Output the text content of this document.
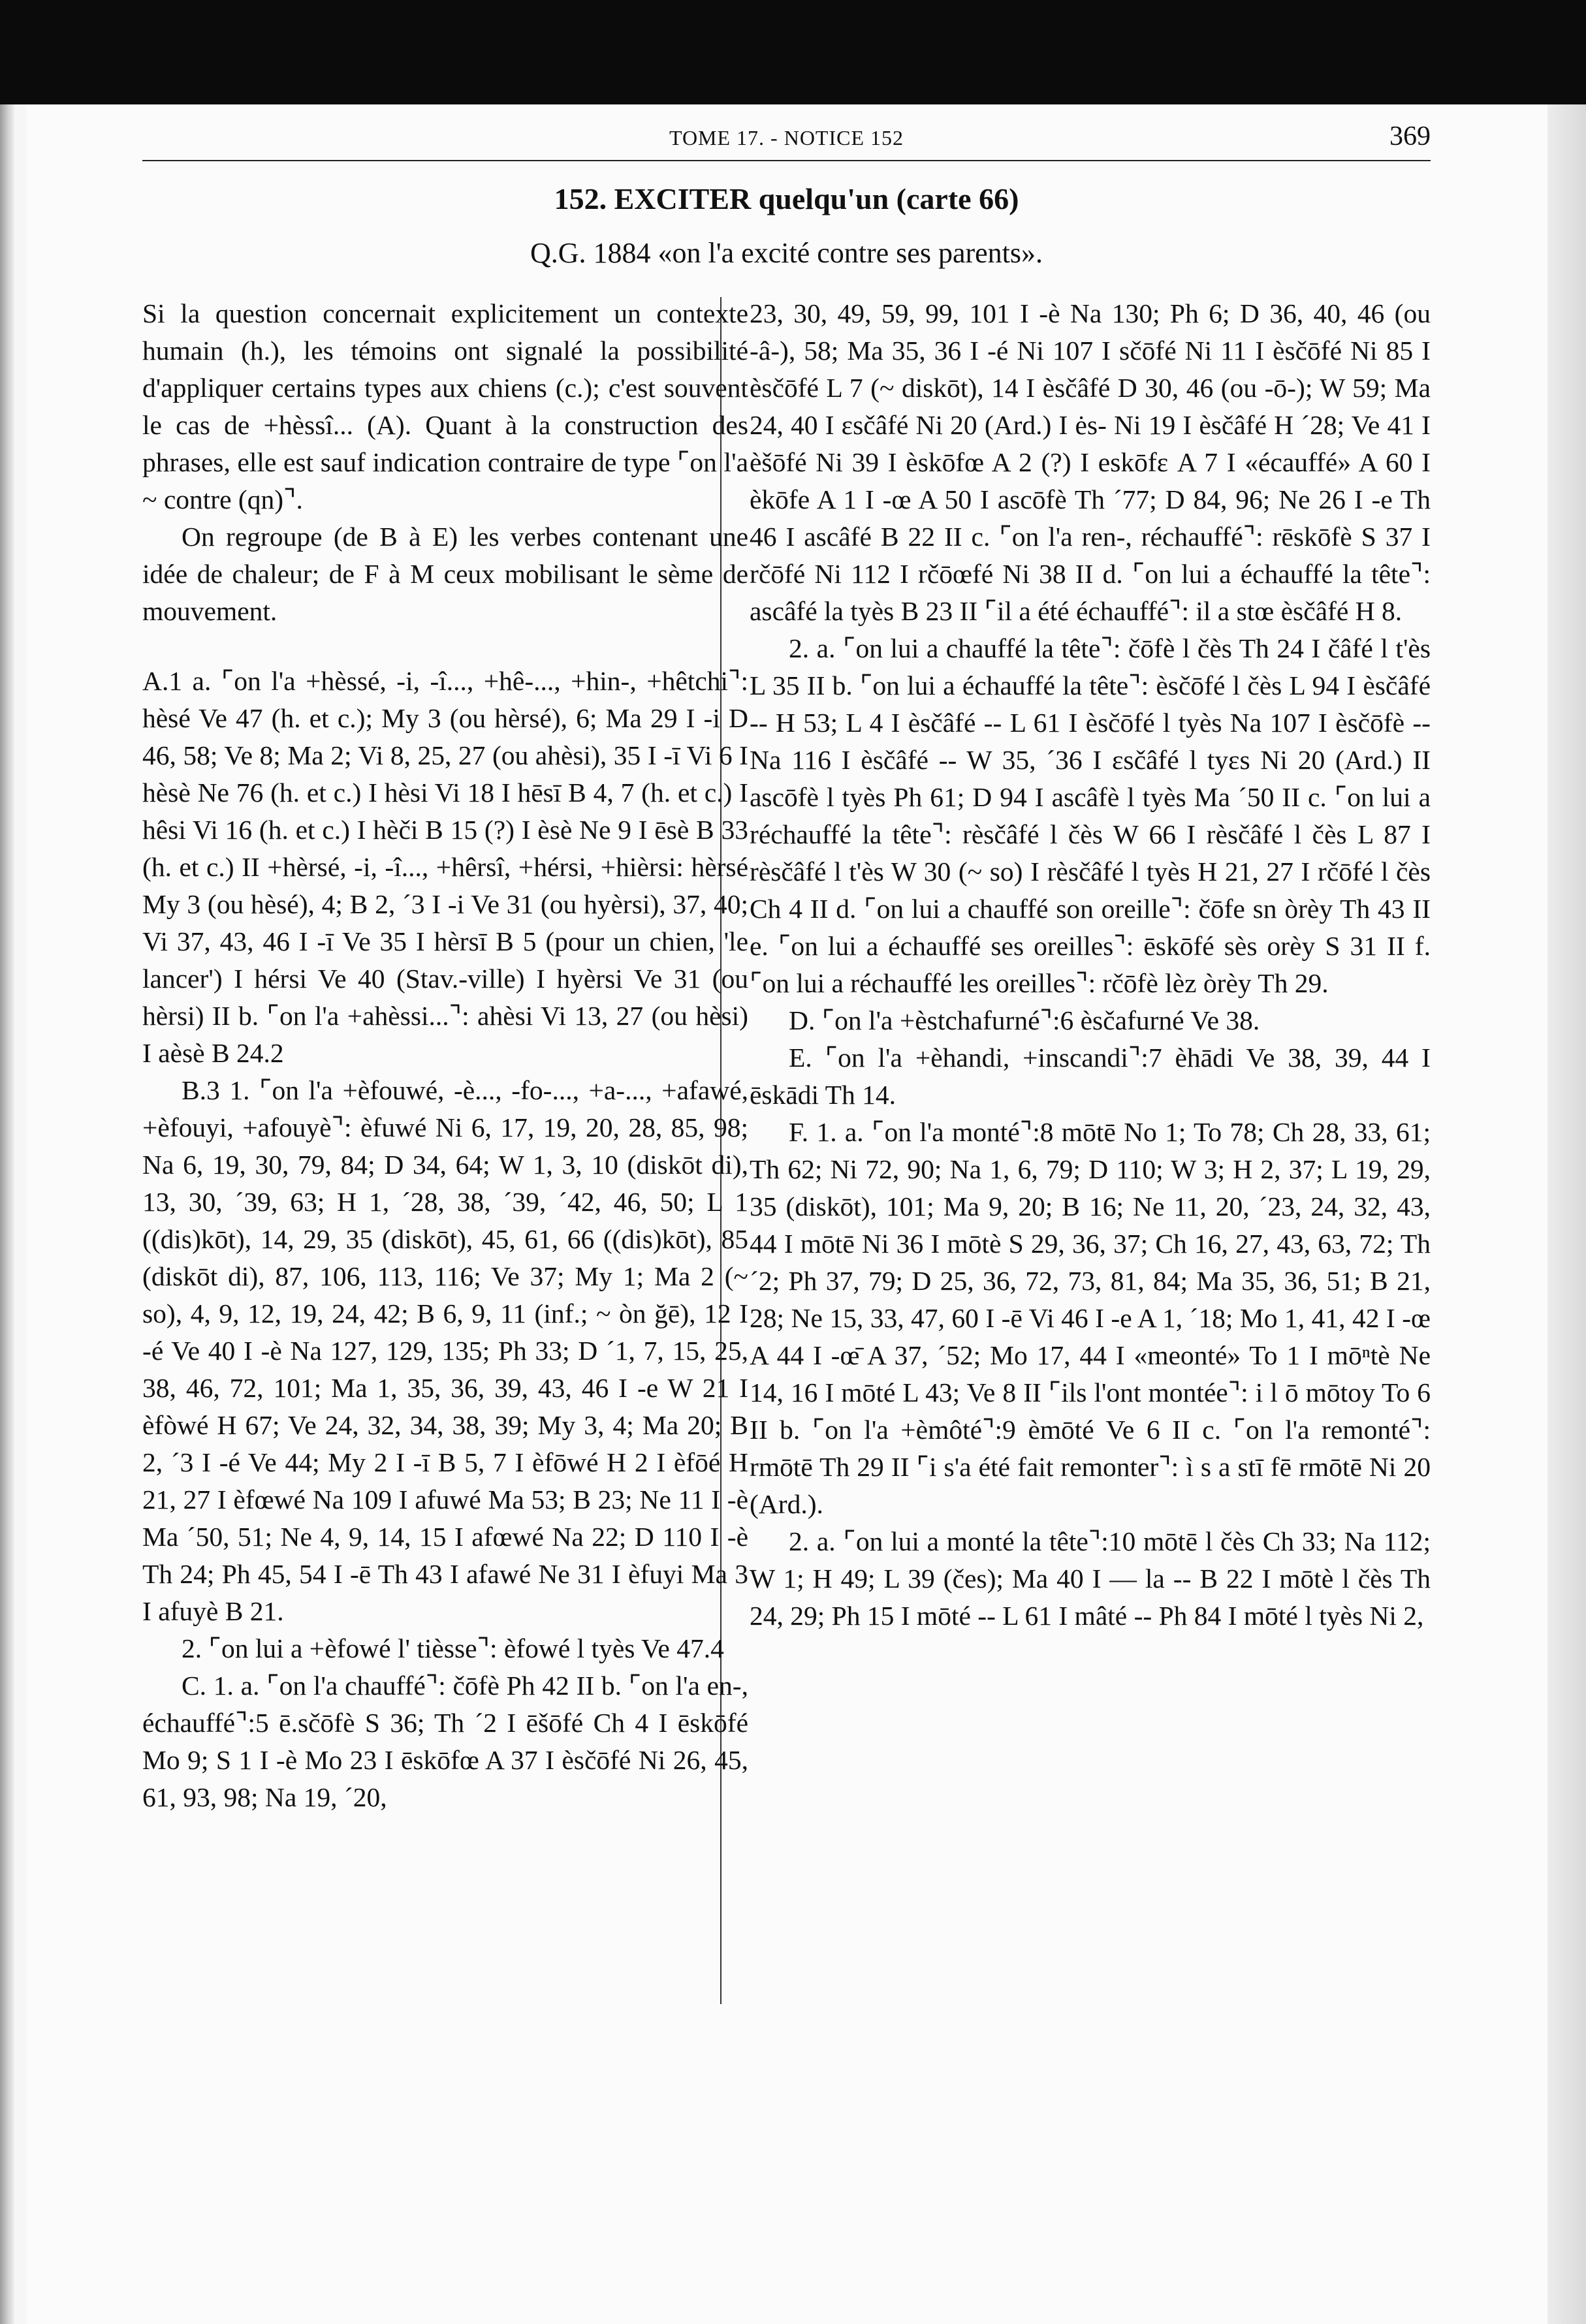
TOME 17. - NOTICE 152	369
152. EXCITER quelqu'un (carte 66)
Q.G. 1884 «on l'a excité contre ses parents».

Si la question concernait explicitement un contexte humain (h.), les témoins ont signalé la possibilité d'appliquer certains types aux chiens (c.); c'est souvent le cas de +hèssî... (A). Quant à la construction des phrases, elle est sauf indication contraire de type ⌜on l'a ~ contre (qn)⌝.

On regroupe (de B à E) les verbes contenant une idée de chaleur; de F à M ceux mobilisant le sème de mouvement.

A.1 a. ⌜on l'a +hèssé, -i, -î..., +hê-..., +hin-, +hêtchi⌝: hèsé Ve 47 (h. et c.); My 3 (ou hèrsé), 6; Ma 29 I -i D 46, 58; Ve 8; Ma 2; Vi 8, 25, 27 (ou ahèsi), 35 I -ī Vi 6 I hèsè Ne 76 (h. et c.) I hèsi Vi 18 I hēsī B 4, 7 (h. et c.) I hêsi Vi 16 (h. et c.) I hèči B 15 (?) I èsè Ne 9 I ēsè B 33 (h. et c.) II +hèrsé, -i, -î..., +hêrsî, +hérsi, +hièrsi: hèrsé My 3 (ou hèsé), 4; B 2, ´3 I -i Ve 31 (ou hyèrsi), 37, 40; Vi 37, 43, 46 I -ī Ve 35 I hèrsī B 5 (pour un chien, 'le lancer') I hérsi Ve 40 (Stav.-ville) I hyèrsi Ve 31 (ou hèrsi) II b. ⌜on l'a +ahèssi...⌝: ahèsi Vi 13, 27 (ou hèsi) I aèsè B 24.2

B.3 1. ⌜on l'a +èfouwé, -è..., -fo-..., +a-..., +afawé, +èfouyi, +afouyè⌝: èfuwé Ni 6, 17, 19, 20, 28, 85, 98; Na 6, 19, 30, 79, 84; D 34, 64; W 1, 3, 10 (diskōt di), 13, 30, ´39, 63; H 1, ´28, 38, ´39, ´42, 46, 50; L 1 ((dis)kōt), 14, 29, 35 (diskōt), 45, 61, 66 ((dis)kōt), 85 (diskōt di), 87, 106, 113, 116; Ve 37; My 1; Ma 2 (~ so), 4, 9, 12, 19, 24, 42; B 6, 9, 11 (inf.; ~ òn ğē), 12 I -é Ve 40 I -è Na 127, 129, 135; Ph 33; D ´1, 7, 15, 25, 38, 46, 72, 101; Ma 1, 35, 36, 39, 43, 46 I -e W 21 I èfòwé H 67; Ve 24, 32, 34, 38, 39; My 3, 4; Ma 20; B 2, ´3 I -é Ve 44; My 2 I -ī B 5, 7 I èfōwé H 2 I èfōé H 21, 27 I èfœwé Na 109 I afuwé Ma 53; B 23; Ne 11 I -è Ma ´50, 51; Ne 4, 9, 14, 15 I afœwé Na 22; D 110 I -è Th 24; Ph 45, 54 I -ē Th 43 I afawé Ne 31 I èfuyi Ma 3 I afuyè B 21.

2. ⌜on lui a +èfowé l' tièsse⌝: èfowé l tyès Ve 47.4

C. 1. a. ⌜on l'a chauffé⌝: čōfè Ph 42 II b. ⌜on l'a en-, échauffé⌝:5 ē.sčōfè S 36; Th ´2 I ēšōfé Ch 4 I ēskōfé Mo 9; S 1 I -è Mo 23 I ēskōfœ A 37 I èsčōfé Ni 26, 45, 61, 93, 98; Na 19, ´20,

23, 30, 49, 59, 99, 101 I -è Na 130; Ph 6; D 36, 40, 46 (ou -â-), 58; Ma 35, 36 I -é Ni 107 I sčōfé Ni 11 I èsčōfé Ni 85 I èsčōfé L 7 (~ diskōt), 14 I èsčâfé D 30, 46 (ou -ō-); W 59; Ma 24, 40 I εsčâfé Ni 20 (Ard.) I ės- Ni 19 I èsčâfé H ´28; Ve 41 I èšōfé Ni 39 I èskōfœ A 2 (?) I eskōfε A 7 I «écauffé» A 60 I èkōfe A 1 I -œ A 50 I ascōfè Th ´77; D 84, 96; Ne 26 I -e Th 46 I ascâfé B 22 II c. ⌜on l'a ren-, réchauffé⌝: rēskōfè S 37 I rčōfé Ni 112 I rčōœfé Ni 38 II d. ⌜on lui a échauffé la tête⌝: ascâfé la tyès B 23 II ⌜il a été échauffé⌝: il a stœ èsčâfé H 8.

2. a. ⌜on lui a chauffé la tête⌝: čōfè l čès Th 24 I čâfé l t'ès L 35 II b. ⌜on lui a échauffé la tête⌝: èsčōfé l čès L 94 I èsčâfé -- H 53; L 4 I èsčâfé -- L 61 I èsčōfé l tyès Na 107 I èsčōfè -- Na 116 I èsčâfé -- W 35, ´36 I εsčâfé l tyεs Ni 20 (Ard.) II ascōfè l tyès Ph 61; D 94 I ascâfè l tyès Ma ´50 II c. ⌜on lui a réchauffé la tête⌝: rèsčâfé l čès W 66 I rèsčâfé l čès L 87 I rèsčâfé l t'ès W 30 (~ so) I rèsčâfé l tyès H 21, 27 I rčōfé l čès Ch 4 II d. ⌜on lui a chauffé son oreille⌝: čōfe sn òrèy Th 43 II e. ⌜on lui a échauffé ses oreilles⌝: ēskōfé sès orèy S 31 II f. ⌜on lui a réchauffé les oreilles⌝: rčōfè lèz òrèy Th 29.

D. ⌜on l'a +èstchafurné⌝:6 èsčafurné Ve 38.

E. ⌜on l'a +èhandi, +inscandi⌝:7 èhādi Ve 38, 39, 44 I ēskādi Th 14.

F. 1. a. ⌜on l'a monté⌝:8 mōtē No 1; To 78; Ch 28, 33, 61; Th 62; Ni 72, 90; Na 1, 6, 79; D 110; W 3; H 2, 37; L 19, 29, 35 (diskōt), 101; Ma 9, 20; B 16; Ne 11, 20, ´23, 24, 32, 43, 44 I mōtē Ni 36 I mōtè S 29, 36, 37; Ch 16, 27, 43, 63, 72; Th ´2; Ph 37, 79; D 25, 36, 72, 73, 81, 84; Ma 35, 36, 51; B 21, 28; Ne 15, 33, 47, 60 I -ē Vi 46 I -e A 1, ´18; Mo 1, 41, 42 I -œ A 44 I -œ̄ A 37, ´52; Mo 17, 44 I «meonté» To 1 I mōⁿtè Ne 14, 16 I mōté L 43; Ve 8 II ⌜ils l'ont montée⌝: i l ō mōtoy To 6 II b. ⌜on l'a +èmôté⌝:9 èmōté Ve 6 II c. ⌜on l'a remonté⌝: rmōtē Th 29 II ⌜i s'a été fait remonter⌝: ì s a stī fē rmōtē Ni 20 (Ard.).

2. a. ⌜on lui a monté la tête⌝:10 mōtē l čès Ch 33; Na 112; W 1; H 49; L 39 (čes); Ma 40 I — la -- B 22 I mōtè l čès Th 24, 29; Ph 15 I mōté -- L 61 I mâté -- Ph 84 I mōté l tyès Ni 2,
